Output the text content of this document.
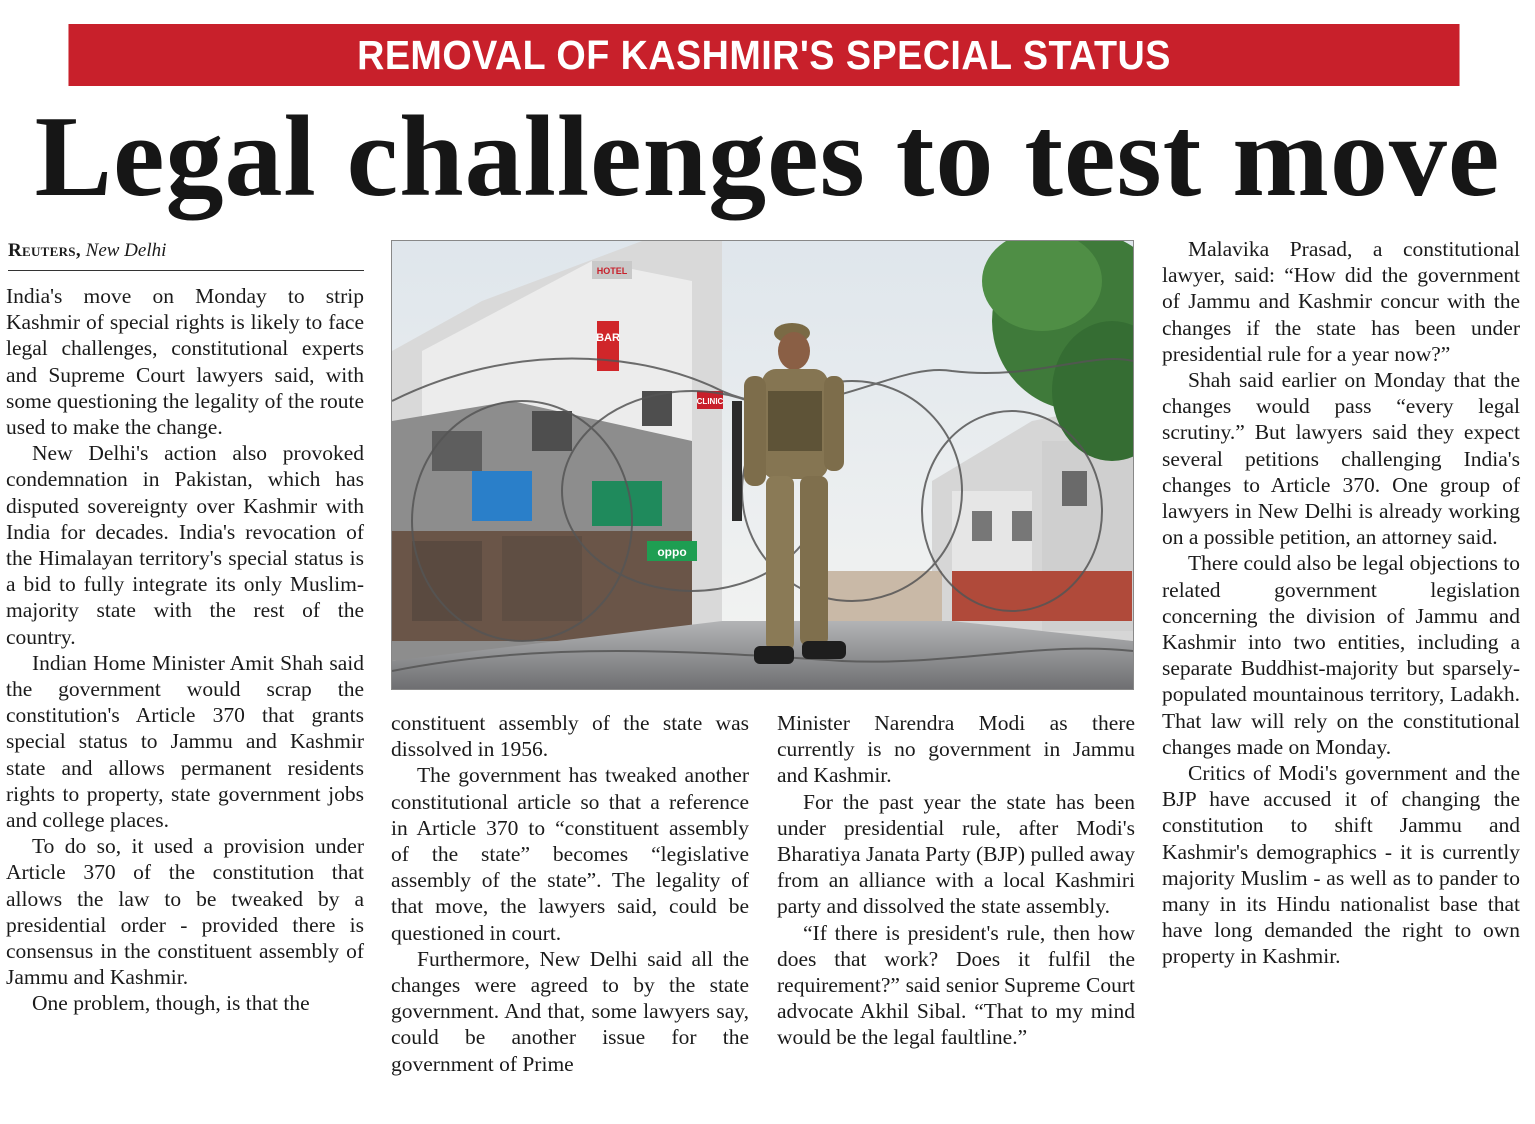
REMOVAL OF KASHMIR'S SPECIAL STATUS
Legal challenges to test move
Reuters, New Delhi

India's move on Monday to strip Kashmir of special rights is likely to face legal challenges, constitutional experts and Supreme Court lawyers said, with some questioning the legality of the route used to make the change.

New Delhi's action also provoked condemnation in Pakistan, which has disputed sovereignty over Kashmir with India for decades. India's revocation of the Himalayan territory's special status is a bid to fully integrate its only Muslim-majority state with the rest of the country.

Indian Home Minister Amit Shah said the government would scrap the constitution's Article 370 that grants special status to Jammu and Kashmir state and allows permanent residents rights to property, state government jobs and college places.

To do so, it used a provision under Article 370 of the constitution that allows the law to be tweaked by a presidential order - provided there is consensus in the constituent assembly of Jammu and Kashmir.

One problem, though, is that the

BAR
HOTEL
CLINIC
oppo

constituent assembly of the state was dissolved in 1956.

The government has tweaked another constitutional article so that a reference in Article 370 to “constituent assembly of the state” becomes “legislative assembly of the state”. The legality of that move, the lawyers said, could be questioned in court.

Furthermore, New Delhi said all the changes were agreed to by the state government. And that, some lawyers say, could be another issue for the government of Prime

Minister Narendra Modi as there currently is no government in Jammu and Kashmir.

For the past year the state has been under presidential rule, after Modi's Bharatiya Janata Party (BJP) pulled away from an alliance with a local Kashmiri party and dissolved the state assembly.

“If there is president's rule, then how does that work? Does it fulfil the requirement?” said senior Supreme Court advocate Akhil Sibal. “That to my mind would be the legal faultline.”

Malavika Prasad, a constitutional lawyer, said: “How did the government of Jammu and Kashmir concur with the changes if the state has been under presidential rule for a year now?”

Shah said earlier on Monday that the changes would pass “every legal scrutiny.” But lawyers said they expect several petitions challenging India's changes to Article 370. One group of lawyers in New Delhi is already working on a possible petition, an attorney said.

There could also be legal objections to related government legislation concerning the division of Jammu and Kashmir into two entities, including a separate Buddhist-majority but sparsely-populated mountainous territory, Ladakh. That law will rely on the constitutional changes made on Monday.

Critics of Modi's government and the BJP have accused it of changing the constitution to shift Jammu and Kashmir's demographics - it is currently majority Muslim - as well as to pander to many in its Hindu nationalist base that have long demanded the right to own property in Kashmir.
